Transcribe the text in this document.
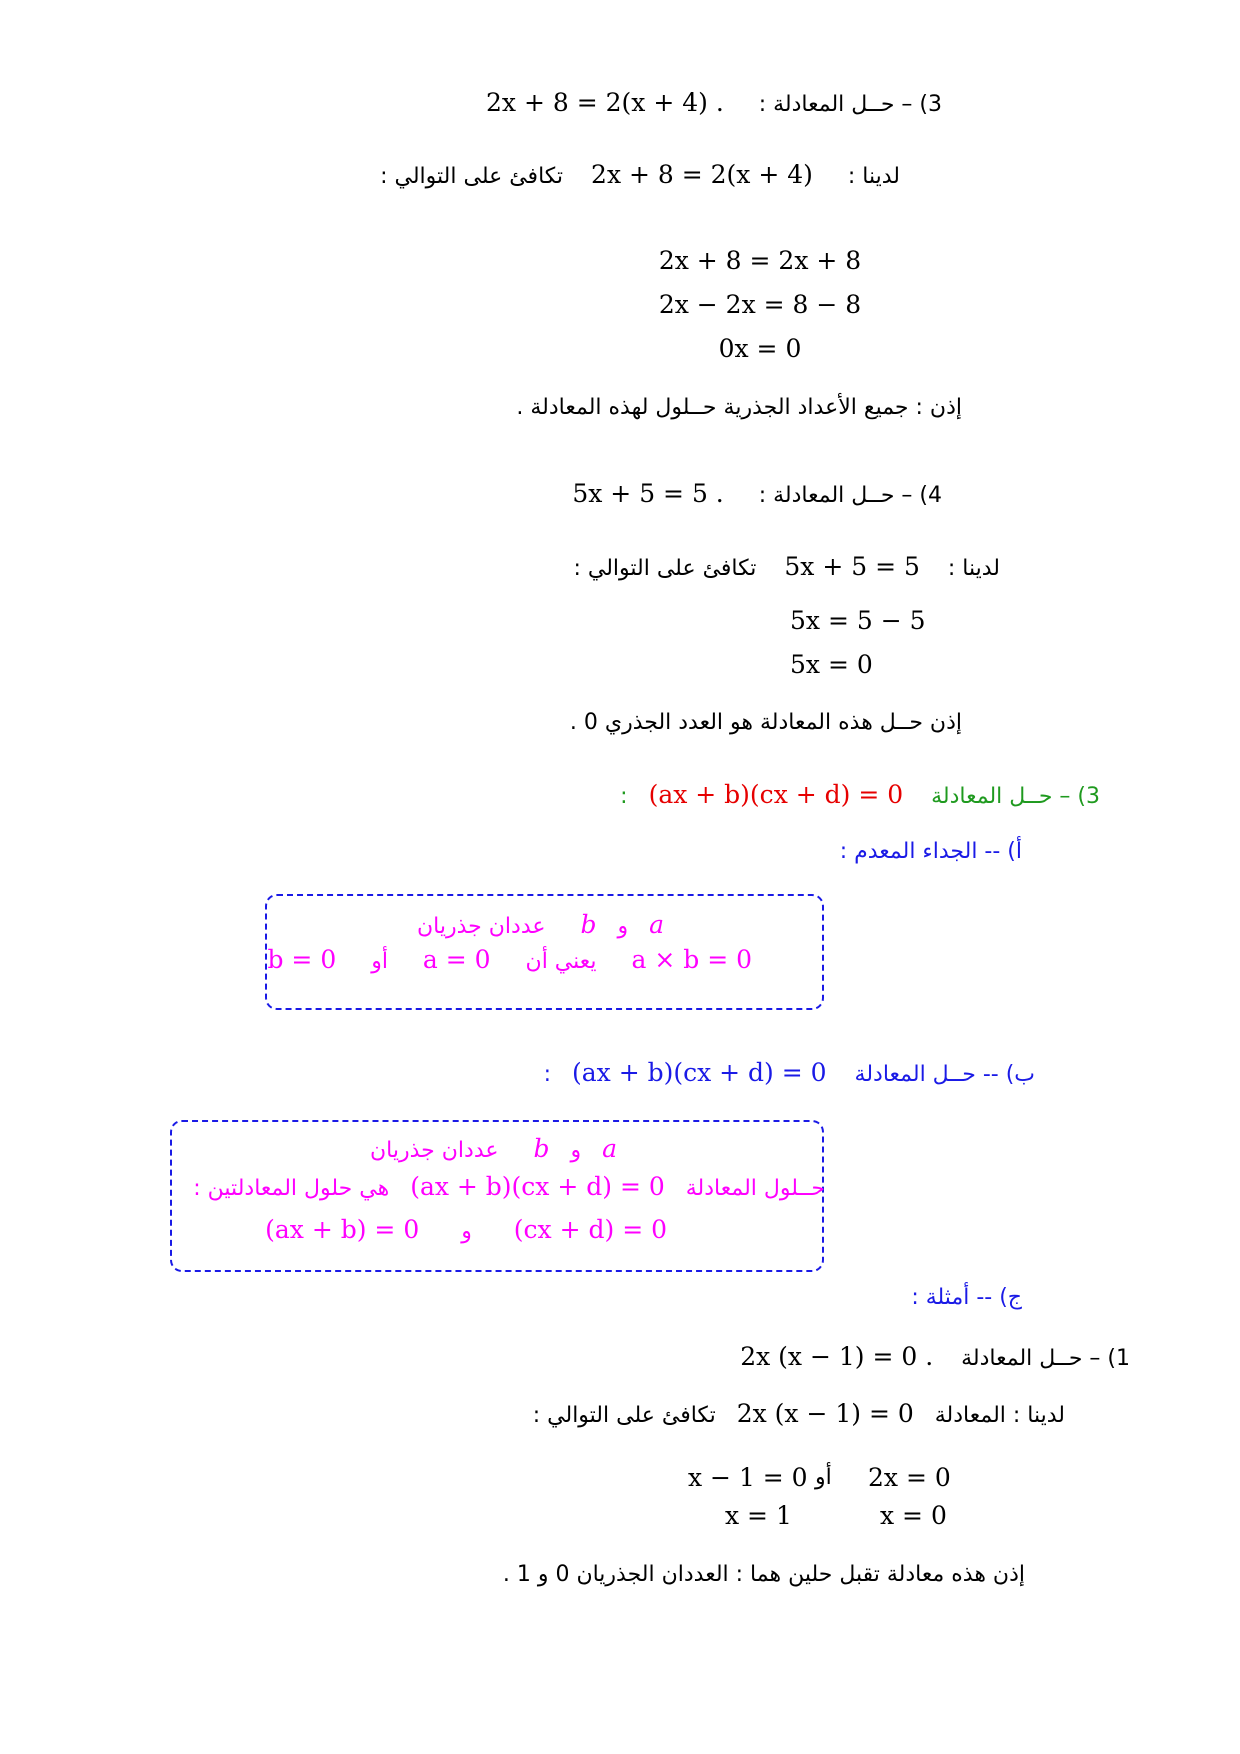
3) – حــل المعادلة :     2x + 8 = 2(x + 4) .
لدينا :     2x + 8 = 2(x + 4)    تكافئ على التوالي :
2x + 8 = 2x + 8
2x − 2x = 8 − 8
0x = 0
إذن : جميع الأعداد الجذرية حــلول لهذه المعادلة .
4) – حــل المعادلة :     5x + 5 = 5 .
لدينا :    5x + 5 = 5    تكافئ على التوالي :
5x = 5 − 5
5x = 0
إذن حــل هذه المعادلة هو العدد الجذري 0 .
3) – حــل المعادلة    (ax + b)(cx + d) = 0   :
أ) -- الجداء المعدم :
a   و   b     عددان جذريان
a × b = 0     يعني أن     a = 0     أو     b = 0
ب) -- حــل المعادلة    (ax + b)(cx + d) = 0   :
a   و   b     عددان جذريان
حــلول المعادلة   (ax + b)(cx + d) = 0   هي حلول المعادلتين :
(cx + d) = 0      و      (ax + b) = 0
ج) -- أمثلة :
1) – حــل المعادلة    2x (x − 1) = 0 .
لدينا : المعادلة   2x (x − 1) = 0   تكافئ على التوالي :
x − 1 = 0 أو 2x = 0
x = 1	x = 0
إذن هذه معادلة تقبل حلين هما : العددان الجذريان 0 و 1 .
